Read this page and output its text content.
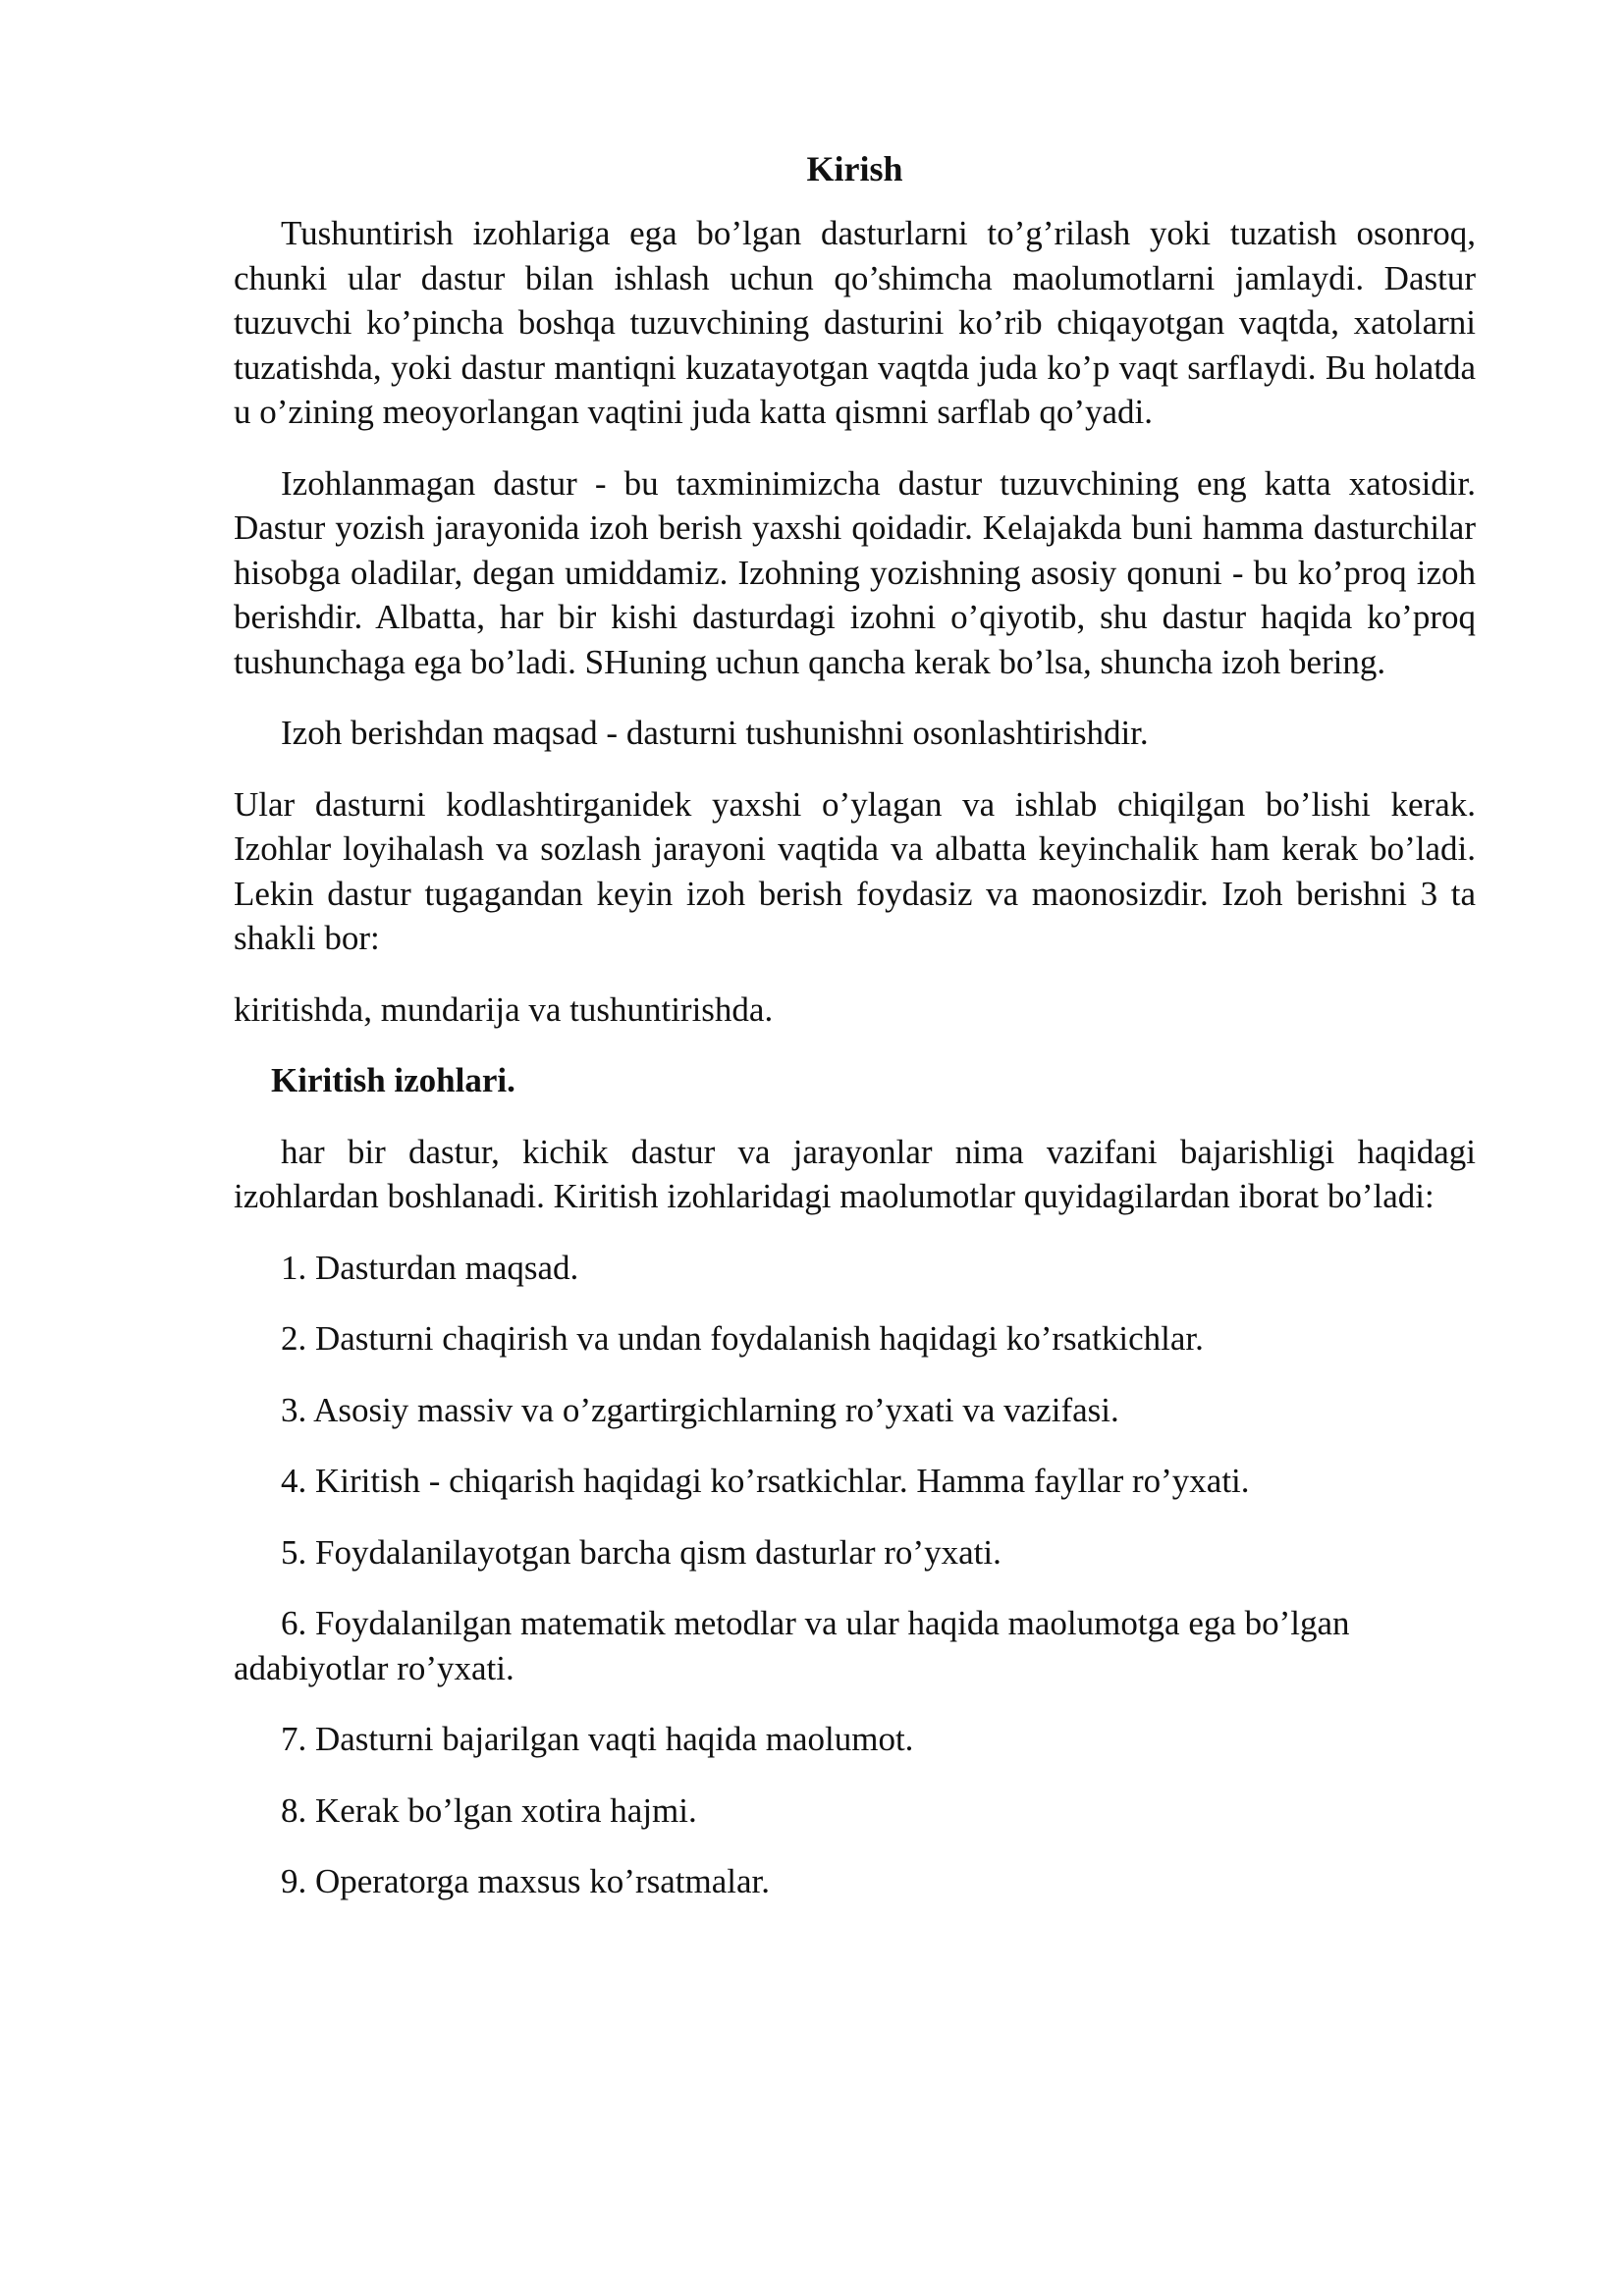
Kirish

Tushuntirish izohlariga ega bo’lgan dasturlarni to’g’rilash yoki tuzatish osonroq, chunki ular dastur bilan ishlash uchun qo’shimcha maolumotlarni jamlaydi. Dastur tuzuvchi ko’pincha boshqa tuzuvchining dasturini ko’rib chiqayotgan vaqtda, xatolarni tuzatishda, yoki dastur mantiqni kuzatayotgan vaqtda juda ko’p vaqt sarflaydi. Bu holatda u o’zining meoyorlangan vaqtini juda katta qismni sarflab qo’yadi.

Izohlanmagan dastur - bu taxminimizcha dastur tuzuvchining eng katta xatosidir. Dastur yozish jarayonida izoh berish yaxshi qoidadir. Kelajakda buni hamma dasturchilar hisobga oladilar, degan umiddamiz. Izohning yozishning asosiy qonuni - bu ko’proq izoh berishdir. Albatta, har bir kishi dasturdagi izohni o’qiyotib, shu dastur haqida ko’proq tushunchaga ega bo’ladi. SHuning uchun qancha kerak bo’lsa, shuncha izoh bering.

Izoh berishdan maqsad - dasturni tushunishni osonlashtirishdir.

Ular dasturni kodlashtirganidek yaxshi o’ylagan va ishlab chiqilgan bo’lishi kerak. Izohlar loyihalash va sozlash jarayoni vaqtida va albatta keyinchalik ham kerak bo’ladi. Lekin dastur tugagandan keyin izoh berish foydasiz va maonosizdir. Izoh berishni 3 ta shakli bor:

kiritishda, mundarija va tushuntirishda.

Kiritish izohlari.

har bir dastur, kichik dastur va jarayonlar nima vazifani bajarishligi haqidagi izohlardan boshlanadi. Kiritish izohlaridagi maolumotlar quyidagilardan iborat bo’ladi:

1. Dasturdan maqsad.
2. Dasturni chaqirish va undan foydalanish haqidagi ko’rsatkichlar.
3. Asosiy massiv va o’zgartirgichlarning ro’yxati va vazifasi.
4. Kiritish - chiqarish haqidagi ko’rsatkichlar. Hamma fayllar ro’yxati.
5. Foydalanilayotgan barcha qism dasturlar ro’yxati.
6. Foydalanilgan matematik metodlar va ular haqida maolumotga ega bo’lgan adabiyotlar ro’yxati.
7. Dasturni bajarilgan vaqti haqida maolumot.
8. Kerak bo’lgan xotira hajmi.
9. Operatorga maxsus ko’rsatmalar.
